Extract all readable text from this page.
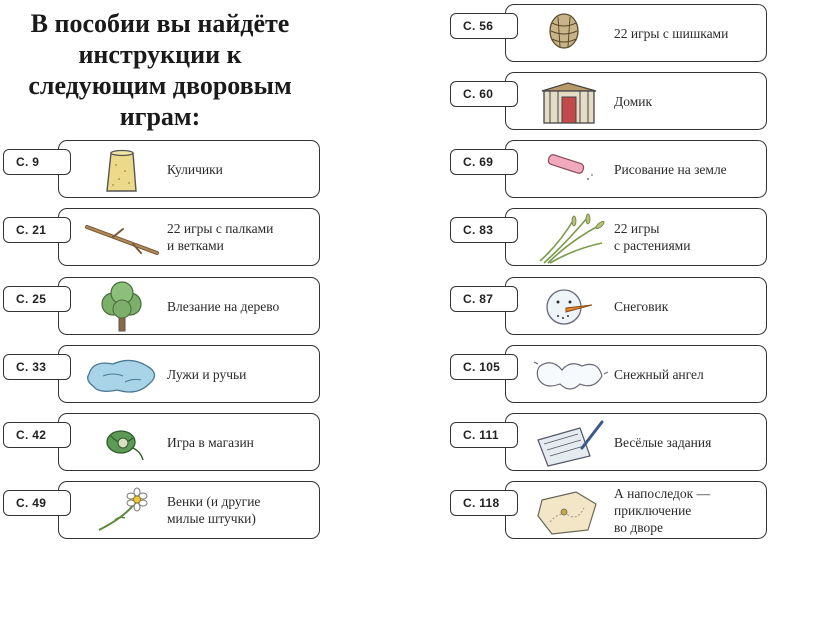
В пособии вы найдёте инструкции к следующим дворовым играм:
С. 9	Куличики
С. 21	22 игры с палками
и ветками
С. 25	Влезание на дерево
С. 33	Лужи и ручьи
С. 42	Игра в магазин
С. 49	Венки (и другие
милые штучки)
С. 56	22 игры с шишками
С. 60	Домик
С. 69	Рисование на земле
С. 83	22 игры
с растениями
С. 87	Снеговик
С. 105	Снежный ангел
С. 111	Весёлые задания
С. 118
А напоследок —
приключение
во дворе
